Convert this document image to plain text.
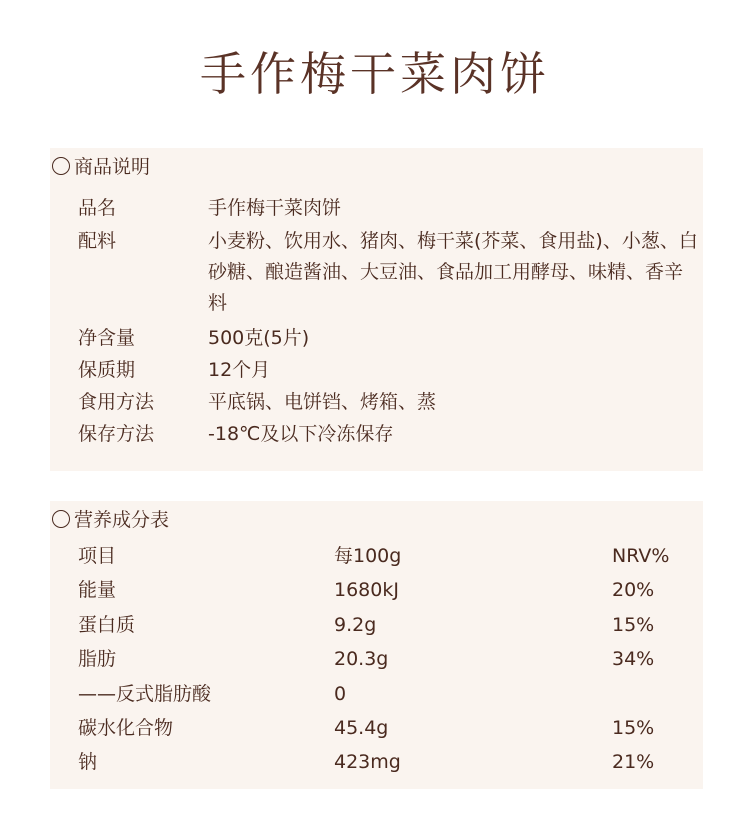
手作梅干菜肉饼
商品说明
品名	手作梅干菜肉饼
配料	小麦粉、饮用水、猪肉、梅干菜(芥菜、食用盐)、小葱、白砂糖、酿造酱油、大豆油、食品加工用酵母、味精、香辛料
净含量	500克(5片)
保质期	12个月
食用方法	平底锅、电饼铛、烤箱、蒸
保存方法	-18℃及以下冷冻保存
营养成分表
项目	每100g	NRV%
能量	1680kJ	20%
蛋白质	9.2g	15%
脂肪	20.3g	34%
——反式脂肪酸	0
碳水化合物	45.4g	15%
钠	423mg	21%
